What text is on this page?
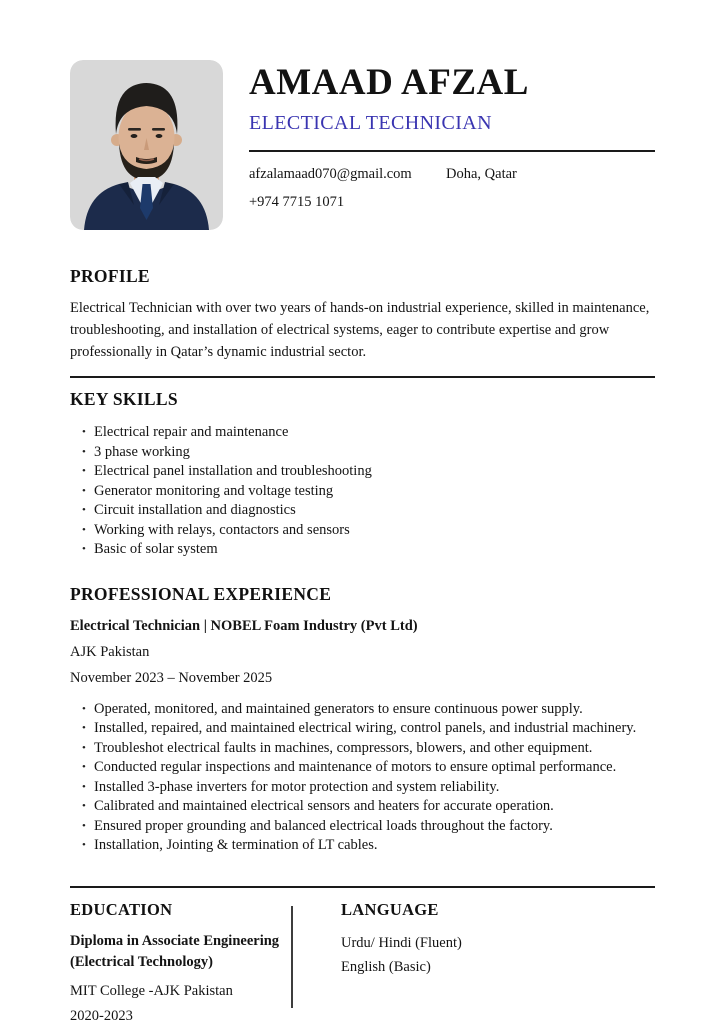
AMAAD AFZAL
ELECTICAL TECHNICIAN
afzalamaad070@gmail.com	Doha, Qatar
+974 7715 1071
PROFILE

Electrical Technician with over two years of hands-on industrial experience, skilled in maintenance, troubleshooting, and installation of electrical systems, eager to contribute expertise and grow professionally in Qatar’s dynamic industrial sector.

KEY SKILLS
• Electrical repair and maintenance
• 3 phase working
• Electrical panel installation and troubleshooting
• Generator monitoring and voltage testing
• Circuit installation and diagnostics
• Working with relays, contactors and sensors
• Basic of solar system
PROFESSIONAL EXPERIENCE
Electrical Technician | NOBEL Foam Industry (Pvt Ltd)
AJK Pakistan
November 2023 – November 2025
• Operated, monitored, and maintained generators to ensure continuous power supply.
• Installed, repaired, and maintained electrical wiring, control panels, and industrial machinery.
• Troubleshot electrical faults in machines, compressors, blowers, and other equipment.
• Conducted regular inspections and maintenance of motors to ensure optimal performance.
• Installed 3-phase inverters for motor protection and system reliability.
• Calibrated and maintained electrical sensors and heaters for accurate operation.
• Ensured proper grounding and balanced electrical loads throughout the factory.
• Installation, Jointing & termination of LT cables.
EDUCATION
Diploma in Associate Engineering
(Electrical Technology)
MIT College -AJK Pakistan
2020-2023
LANGUAGE
Urdu/ Hindi (Fluent)
English (Basic)
